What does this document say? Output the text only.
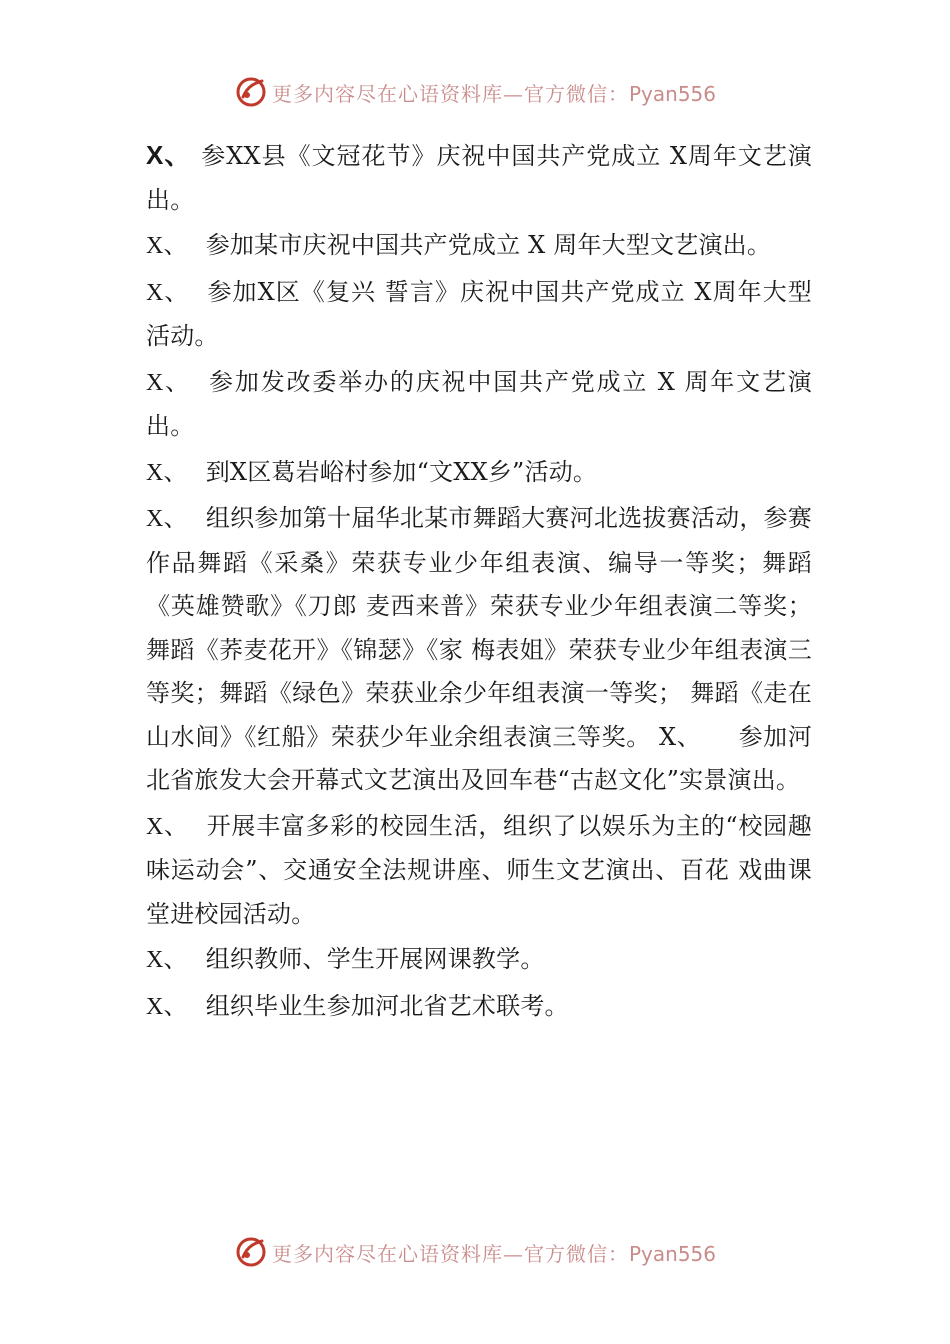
更多内容尽在心语资料库—官方微信：Pyan556

X、 参XX县《文冠花节》庆祝中国共产党成立 X周年文艺演出。

X、 参加某市庆祝中国共产党成立 X 周年大型文艺演出。

X、 参加X区《复兴 誓言》庆祝中国共产党成立 X周年大型活动。

X、 参加发改委举办的庆祝中国共产党成立 X 周年文艺演出。

X、 到X区葛岩峪村参加“文XX乡”活动。

X、 组织参加第十届华北某市舞蹈大赛河北选拔赛活动，参赛作品舞蹈《采桑》荣获专业少年组表演、编导一等奖；舞蹈《英雄赞歌》《刀郎 麦西来普》荣获专业少年组表演二等奖；舞蹈《荞麦花开》《锦瑟》《家 梅表姐》荣获专业少年组表演三等奖；舞蹈《绿色》荣获业余少年组表演一等奖； 舞蹈《走在山水间》《红船》荣获少年业余组表演三等奖。 X、　　参加河北省旅发大会开幕式文艺演出及回车巷“古赵文化”实景演出。

X、 开展丰富多彩的校园生活，组织了以娱乐为主的“校园趣味运动会”、交通安全法规讲座、师生文艺演出、百花 戏曲课堂进校园活动。

X、 组织教师、学生开展网课教学。

X、 组织毕业生参加河北省艺术联考。

更多内容尽在心语资料库—官方微信：Pyan556
